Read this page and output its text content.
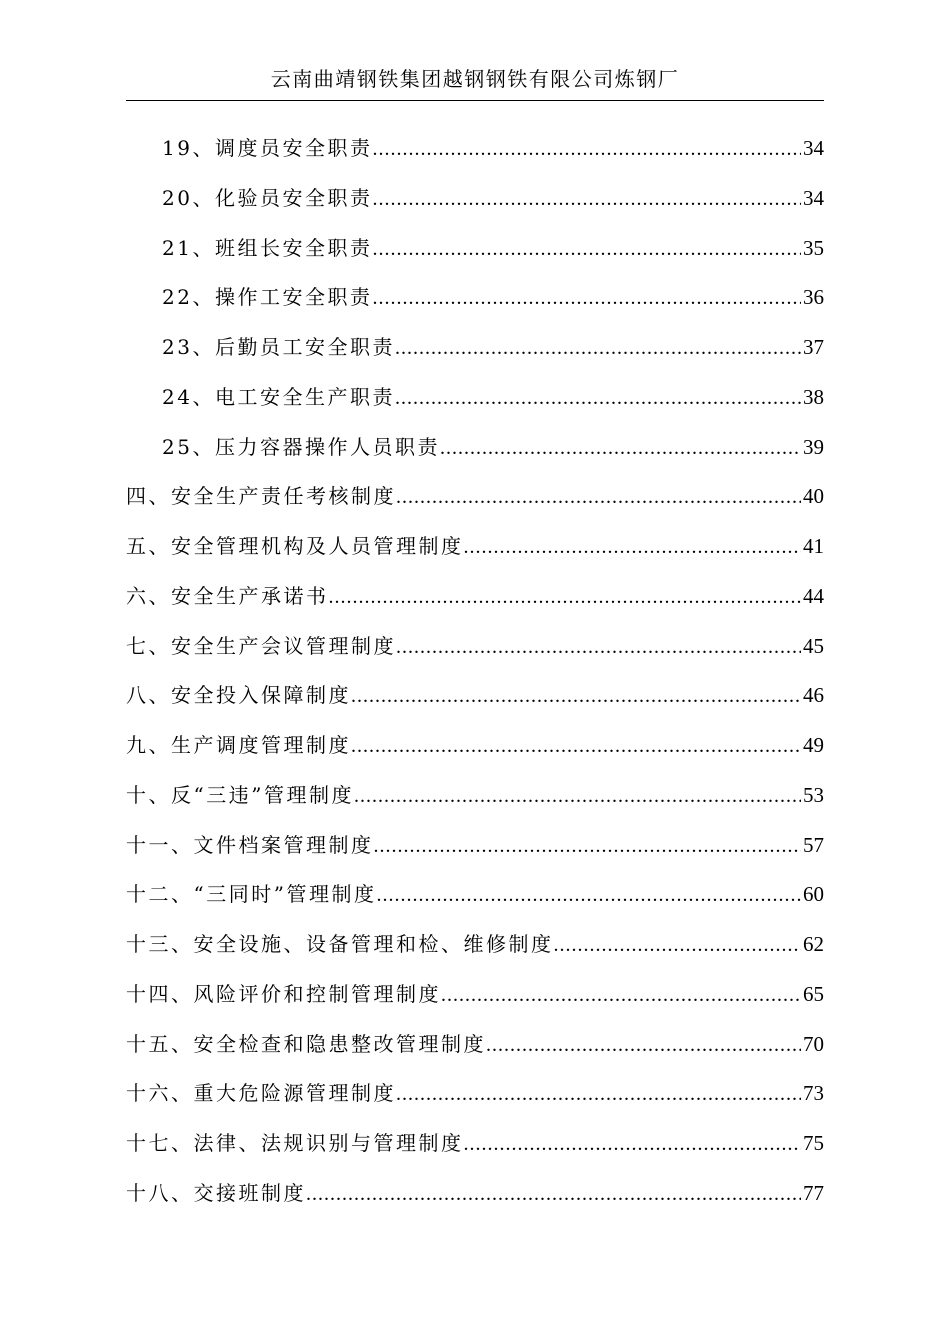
云南曲靖钢铁集团越钢钢铁有限公司炼钢厂
19、调度员安全职责 .....	34
20、化验员安全职责 .....	34
21、班组长安全职责 .....	35
22、操作工安全职责 .....	36
23、后勤员工安全职责 .....	37
24、电工安全生产职责 .....	38
25、压力容器操作人员职责 .....	39
四、安全生产责任考核制度 .....	40
五、安全管理机构及人员管理制度 .....	41
六、安全生产承诺书 .....	44
七、安全生产会议管理制度 .....	45
八、安全投入保障制度 .....	46
九、生产调度管理制度 .....	49
十、反“三违”管理制度 .....	53
十一、文件档案管理制度 .....	57
十二、“三同时”管理制度 .....	60
十三、安全设施、设备管理和检、维修制度 .....	62
十四、风险评价和控制管理制度 .....	65
十五、安全检查和隐患整改管理制度 .....	70
十六、重大危险源管理制度 .....	73
十七、法律、法规识别与管理制度 .....	75
十八、交接班制度 .....	77
